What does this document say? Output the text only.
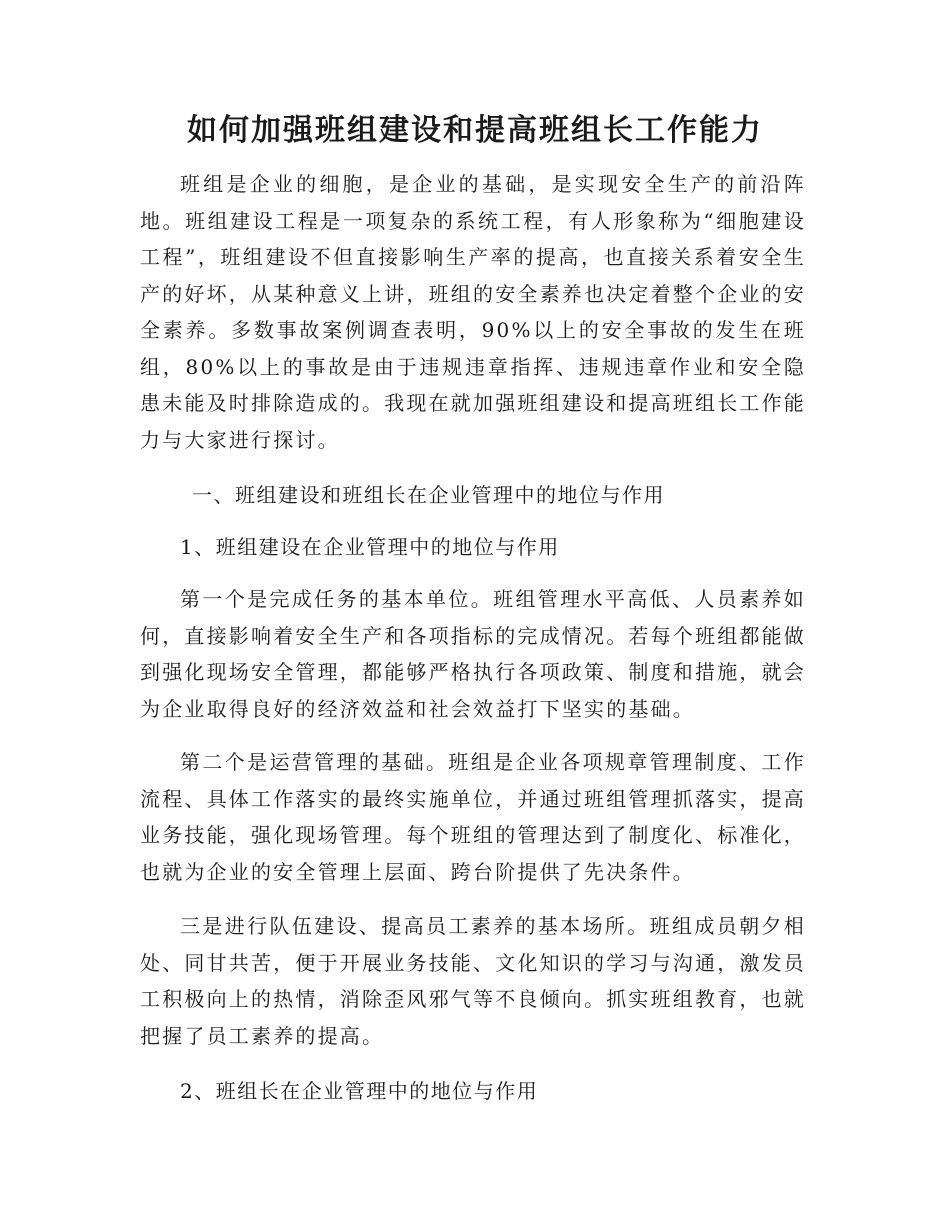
如何加强班组建设和提高班组长工作能力

班组是企业的细胞，是企业的基础，是实现安全生产的前沿阵地。班组建设工程是一项复杂的系统工程，有人形象称为“细胞建设工程”，班组建设不但直接影响生产率的提高，也直接关系着安全生产的好坏，从某种意义上讲，班组的安全素养也决定着整个企业的安全素养。多数事故案例调查表明，90%以上的安全事故的发生在班组，80%以上的事故是由于违规违章指挥、违规违章作业和安全隐患未能及时排除造成的。我现在就加强班组建设和提高班组长工作能力与大家进行探讨。

一、班组建设和班组长在企业管理中的地位与作用

1、班组建设在企业管理中的地位与作用

第一个是完成任务的基本单位。班组管理水平高低、人员素养如何，直接影响着安全生产和各项指标的完成情况。若每个班组都能做到强化现场安全管理，都能够严格执行各项政策、制度和措施，就会为企业取得良好的经济效益和社会效益打下坚实的基础。

第二个是运营管理的基础。班组是企业各项规章管理制度、工作流程、具体工作落实的最终实施单位，并通过班组管理抓落实，提高业务技能，强化现场管理。每个班组的管理达到了制度化、标准化，也就为企业的安全管理上层面、跨台阶提供了先决条件。

三是进行队伍建设、提高员工素养的基本场所。班组成员朝夕相处、同甘共苦，便于开展业务技能、文化知识的学习与沟通，激发员工积极向上的热情，消除歪风邪气等不良倾向。抓实班组教育，也就把握了员工素养的提高。

2、班组长在企业管理中的地位与作用
